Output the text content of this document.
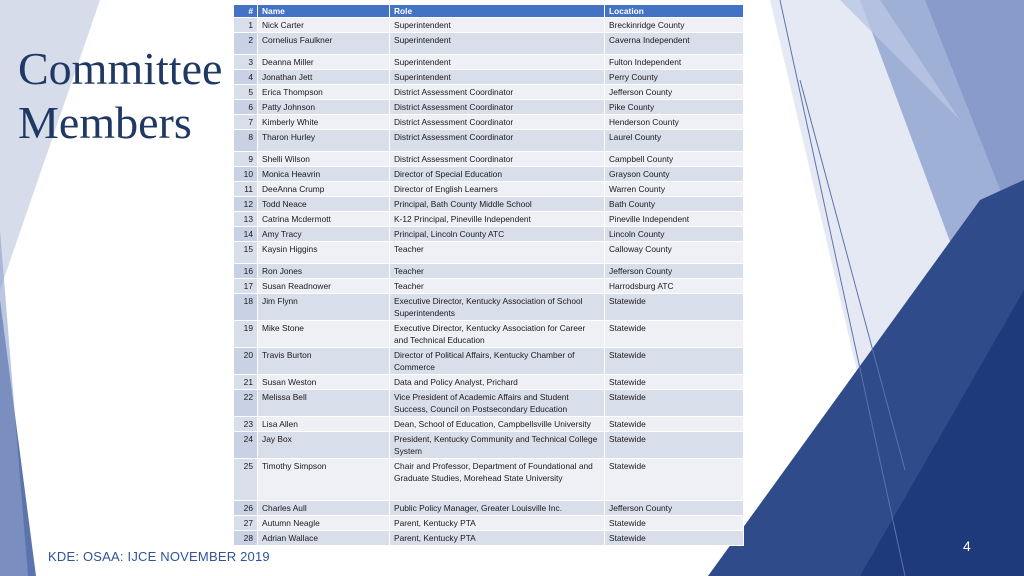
Committee
Members
#	Name	Role	Location
1	Nick Carter	Superintendent	Breckinridge County
2	Cornelius Faulkner	Superintendent	Caverna Independent
3	Deanna Miller	Superintendent	Fulton Independent
4	Jonathan Jett	Superintendent	Perry County
5	Erica Thompson	District Assessment Coordinator	Jefferson County
6	Patty Johnson	District Assessment Coordinator	Pike County
7	Kimberly White	District Assessment Coordinator	Henderson County
8	Tharon Hurley	District Assessment Coordinator	Laurel County
9	Shelli Wilson	District Assessment Coordinator	Campbell County
10	Monica Heavrin	Director of Special Education	Grayson County
11	DeeAnna Crump	Director of English Learners	Warren County
12	Todd Neace	Principal, Bath County Middle School	Bath County
13	Catrina Mcdermott	K-12 Principal, Pineville Independent	Pineville Independent
14	Amy Tracy	Principal, Lincoln County ATC	Lincoln County
15	Kaysin Higgins	Teacher	Calloway County
16	Ron Jones	Teacher	Jefferson County
17	Susan Readnower	Teacher	Harrodsburg ATC
18	Jim Flynn	Executive Director, Kentucky Association of School Superintendents	Statewide
19	Mike Stone	Executive Director, Kentucky Association for Career and Technical Education	Statewide
20	Travis Burton	Director of Political Affairs, Kentucky Chamber of Commerce	Statewide
21	Susan Weston	Data and Policy Analyst, Prichard	Statewide
22	Melissa Bell	Vice President of Academic Affairs and Student Success, Council on Postsecondary Education	Statewide
23	Lisa Allen	Dean, School of Education, Campbellsville University	Statewide
24	Jay Box	President, Kentucky Community and Technical College System	Statewide
25	Timothy Simpson	Chair and Professor, Department of Foundational and Graduate Studies, Morehead State University	Statewide
26	Charles Aull	Public Policy Manager, Greater Louisville Inc.	Jefferson County
27	Autumn Neagle	Parent, Kentucky PTA	Statewide
28	Adrian Wallace	Parent, Kentucky PTA	Statewide
KDE: OSAA: IJCE NOVEMBER 2019
4
